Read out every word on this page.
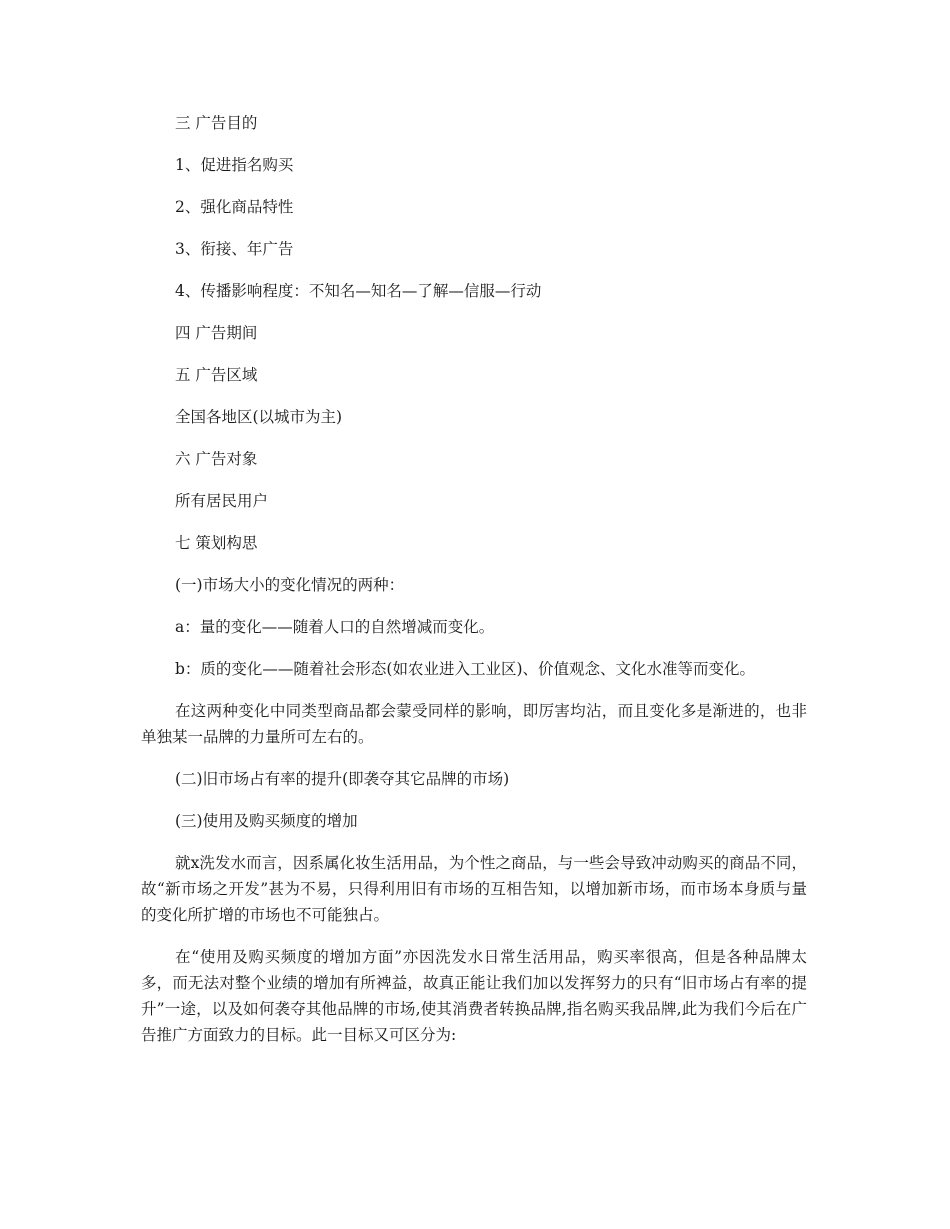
三 广告目的

1、促进指名购买

2、强化商品特性

3、衔接、年广告

4、传播影响程度：不知名—知名—了解—信服—行动

四 广告期间

五 广告区域

全国各地区(以城市为主)

六 广告对象

所有居民用户

七 策划构思

(一)市场大小的变化情况的两种：

a：量的变化——随着人口的自然增减而变化。

b：质的变化——随着社会形态(如农业进入工业区)、价值观念、文化水准等而变化。

在这两种变化中同类型商品都会蒙受同样的影响，即厉害均沾，而且变化多是渐进的，也非单独某一品牌的力量所可左右的。

(二)旧市场占有率的提升(即袭夺其它品牌的市场)

(三)使用及购买频度的增加

就x洗发水而言，因系属化妆生活用品，为个性之商品，与一些会导致冲动购买的商品不同，故“新市场之开发”甚为不易，只得利用旧有市场的互相告知，以增加新市场，而市场本身质与量的变化所扩增的市场也不可能独占。

在“使用及购买频度的增加方面”亦因洗发水日常生活用品，购买率很高，但是各种品牌太多，而无法对整个业绩的增加有所裨益，故真正能让我们加以发挥努力的只有“旧市场占有率的提升”一途，以及如何袭夺其他品牌的市场,使其消费者转换品牌,指名购买我品牌,此为我们今后在广告推广方面致力的目标。此一目标又可区分为:
